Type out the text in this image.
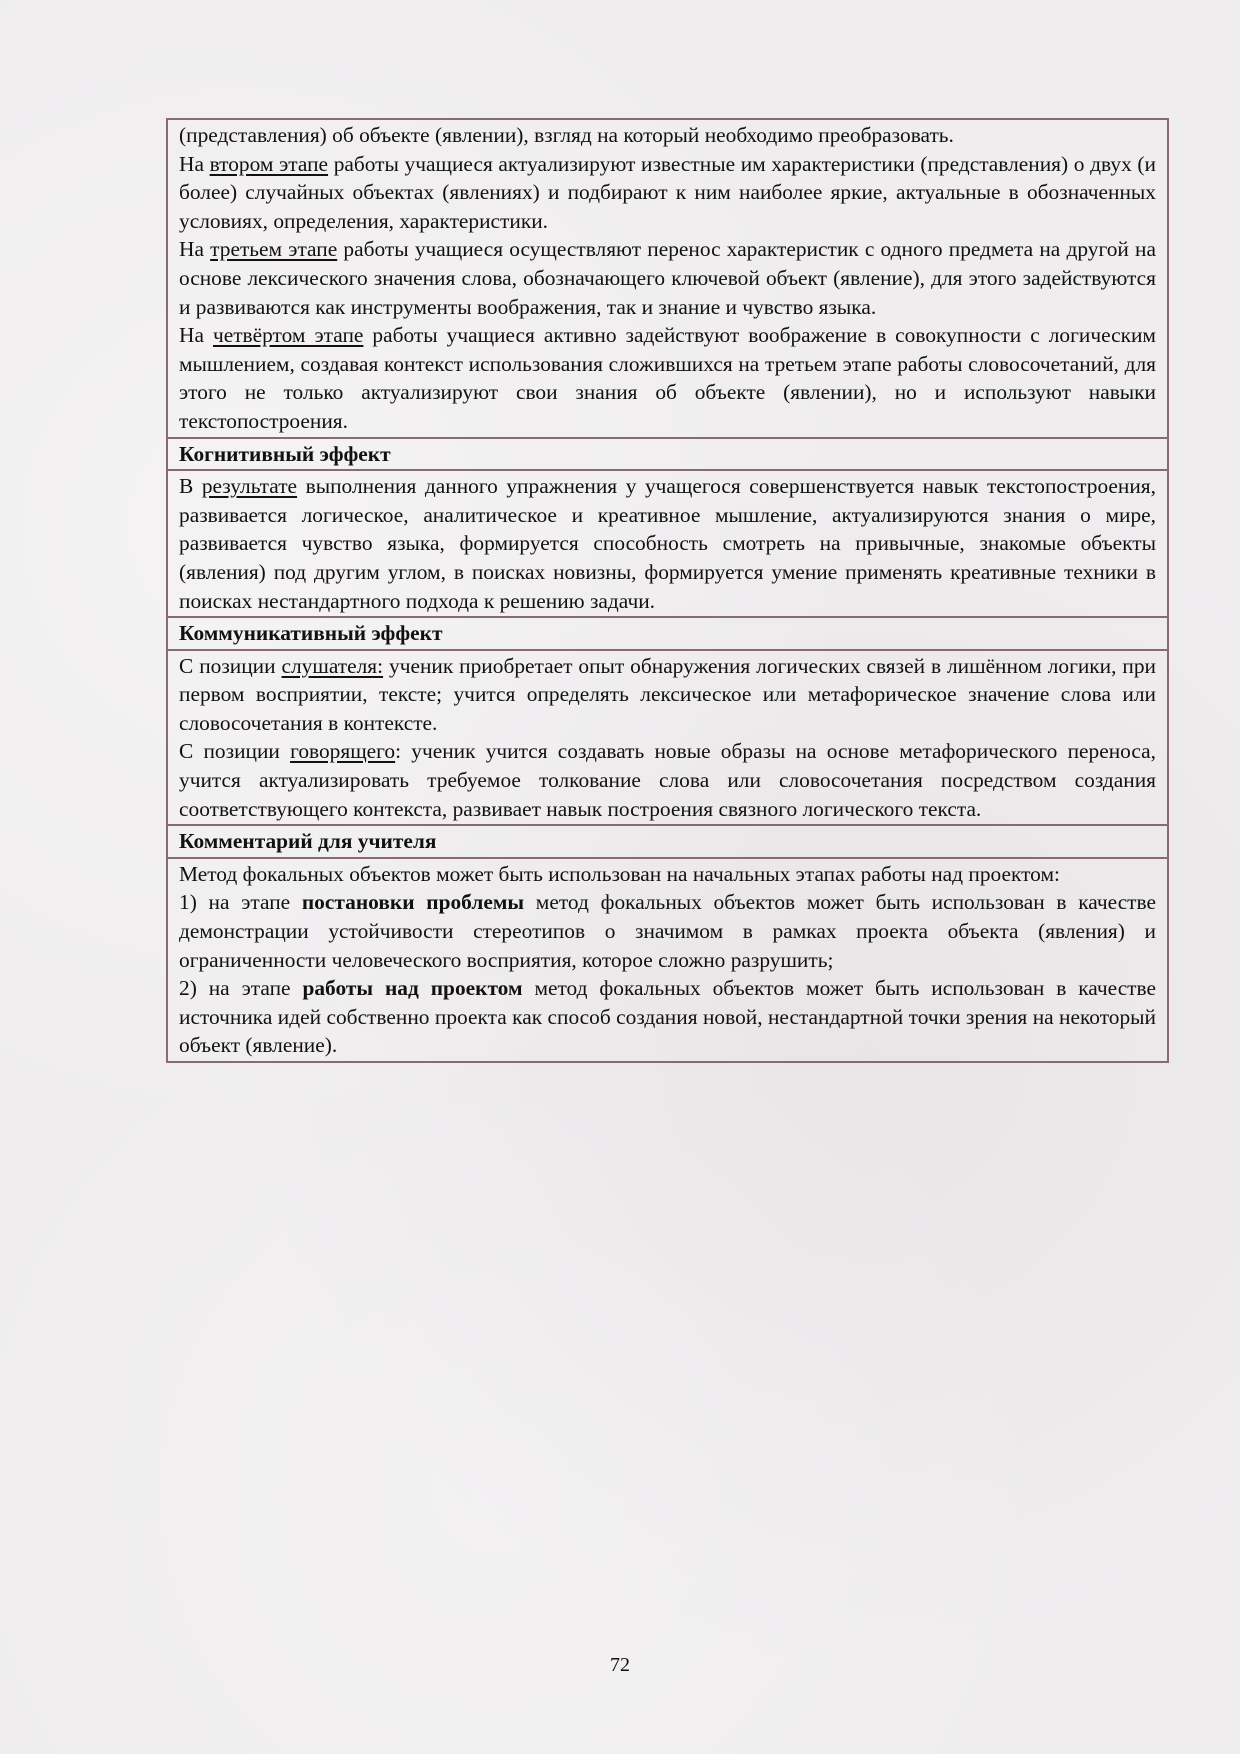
(представления) об объекте (явлении), взгляд на который необходимо преобразовать.

На втором этапе работы учащиеся актуализируют известные им характеристики (представления) о двух (и более) случайных объектах (явлениях) и подбирают к ним наиболее яркие, актуальные в обозначенных условиях, определения, характеристики.

На третьем этапе работы учащиеся осуществляют перенос характеристик с одного предмета на другой на основе лексического значения слова, обозначающего ключевой объект (явление), для этого задействуются и развиваются как инструменты воображения, так и знание и чувство языка.

На четвёртом этапе работы учащиеся активно задействуют воображение в совокупности с логическим мышлением, создавая контекст использования сложившихся на третьем этапе работы словосочетаний, для этого не только актуализируют свои знания об объекте (явлении), но и используют навыки текстопостроения.

Когнитивный эффект

В результате выполнения данного упражнения у учащегося совершенствуется навык текстопостроения, развивается логическое, аналитическое и креативное мышление, актуализируются знания о мире, развивается чувство языка, формируется способность смотреть на привычные, знакомые объекты (явления) под другим углом, в поисках новизны, формируется умение применять креативные техники в поисках нестандартного подхода к решению задачи.

Коммуникативный эффект

С позиции слушателя: ученик приобретает опыт обнаружения логических связей в лишённом логики, при первом восприятии, тексте; учится определять лексическое или метафорическое значение слова или словосочетания в контексте.

С позиции говорящего: ученик учится создавать новые образы на основе метафорического переноса, учится актуализировать требуемое толкование слова или словосочетания посредством создания соответствующего контекста, развивает навык построения связного логического текста.

Комментарий для учителя

Метод фокальных объектов может быть использован на начальных этапах работы над проектом:

1) на этапе постановки проблемы метод фокальных объектов может быть использован в качестве демонстрации устойчивости стереотипов о значимом в рамках проекта объекта (явления) и ограниченности человеческого восприятия, которое сложно разрушить;

2) на этапе работы над проектом метод фокальных объектов может быть использован в качестве источника идей собственно проекта как способ создания новой, нестандартной точки зрения на некоторый объект (явление).

72
